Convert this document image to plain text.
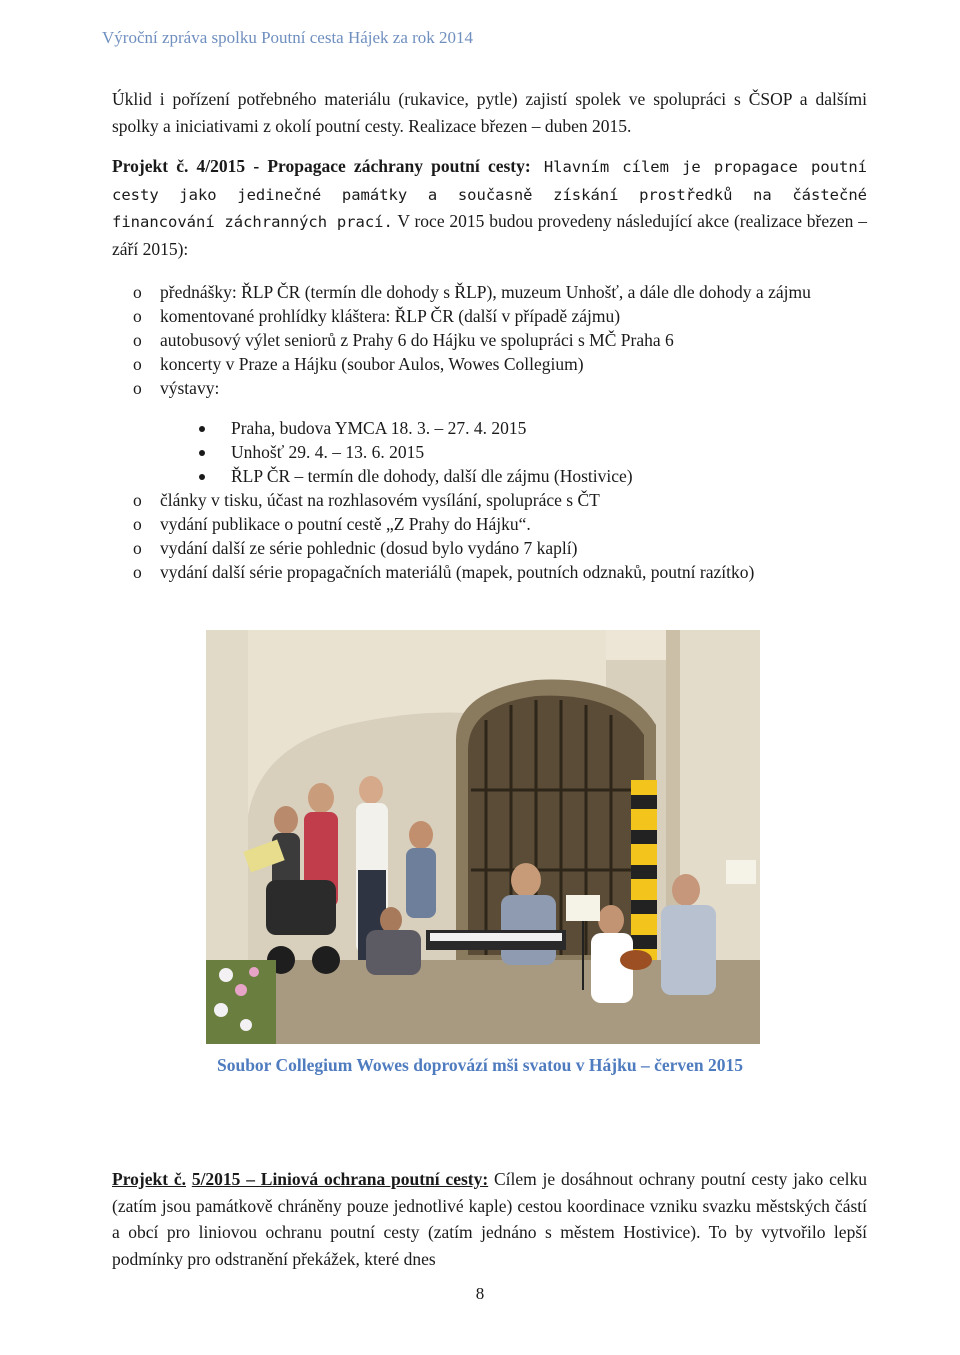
Výroční zpráva spolku Poutní cesta Hájek za rok 2014

Úklid i pořízení potřebného materiálu (rukavice, pytle) zajistí spolek ve spolupráci s ČSOP a dalšími spolky a iniciativami z okolí poutní cesty. Realizace březen – duben 2015.

Projekt č. 4/2015 - Propagace záchrany poutní cesty: Hlavním cílem je propagace poutní cesty jako jedinečné památky a současně získání prostředků na částečné financování záchranných prací. V roce 2015 budou provedeny následující akce (realizace březen – září 2015):

o přednášky: ŘLP ČR (termín dle dohody s ŘLP), muzeum Unhošť, a dále dle dohody a zájmu
o komentované prohlídky kláštera: ŘLP ČR (další v případě zájmu)
o autobusový výlet seniorů z Prahy 6 do Hájku ve spolupráci s MČ Praha 6
o koncerty v Praze a Hájku (soubor Aulos, Wowes Collegium)
o výstavy:
Praha, budova YMCA 18. 3. – 27. 4. 2015
Unhošť 29. 4. – 13. 6. 2015
ŘLP ČR – termín dle dohody, další dle zájmu (Hostivice)
o články v tisku, účast na rozhlasovém vysílání, spolupráce s ČT
o vydání publikace o poutní cestě „Z Prahy do Hájku“.
o vydání další ze série pohlednic (dosud bylo vydáno 7 kaplí)
o vydání další série propagačních materiálů (mapek, poutních odznaků, poutní razítko)
Soubor Collegium Wowes doprovází mši svatou v Hájku – červen 2015

Projekt č. 5/2015 – Liniová ochrana poutní cesty: Cílem je dosáhnout ochrany poutní cesty jako celku (zatím jsou památkově chráněny pouze jednotlivé kaple) cestou koordinace vzniku svazku městských částí a obcí pro liniovou ochranu poutní cesty (zatím jednáno s městem Hostivice). To by vytvořilo lepší podmínky pro odstranění překážek, které dnes

8
